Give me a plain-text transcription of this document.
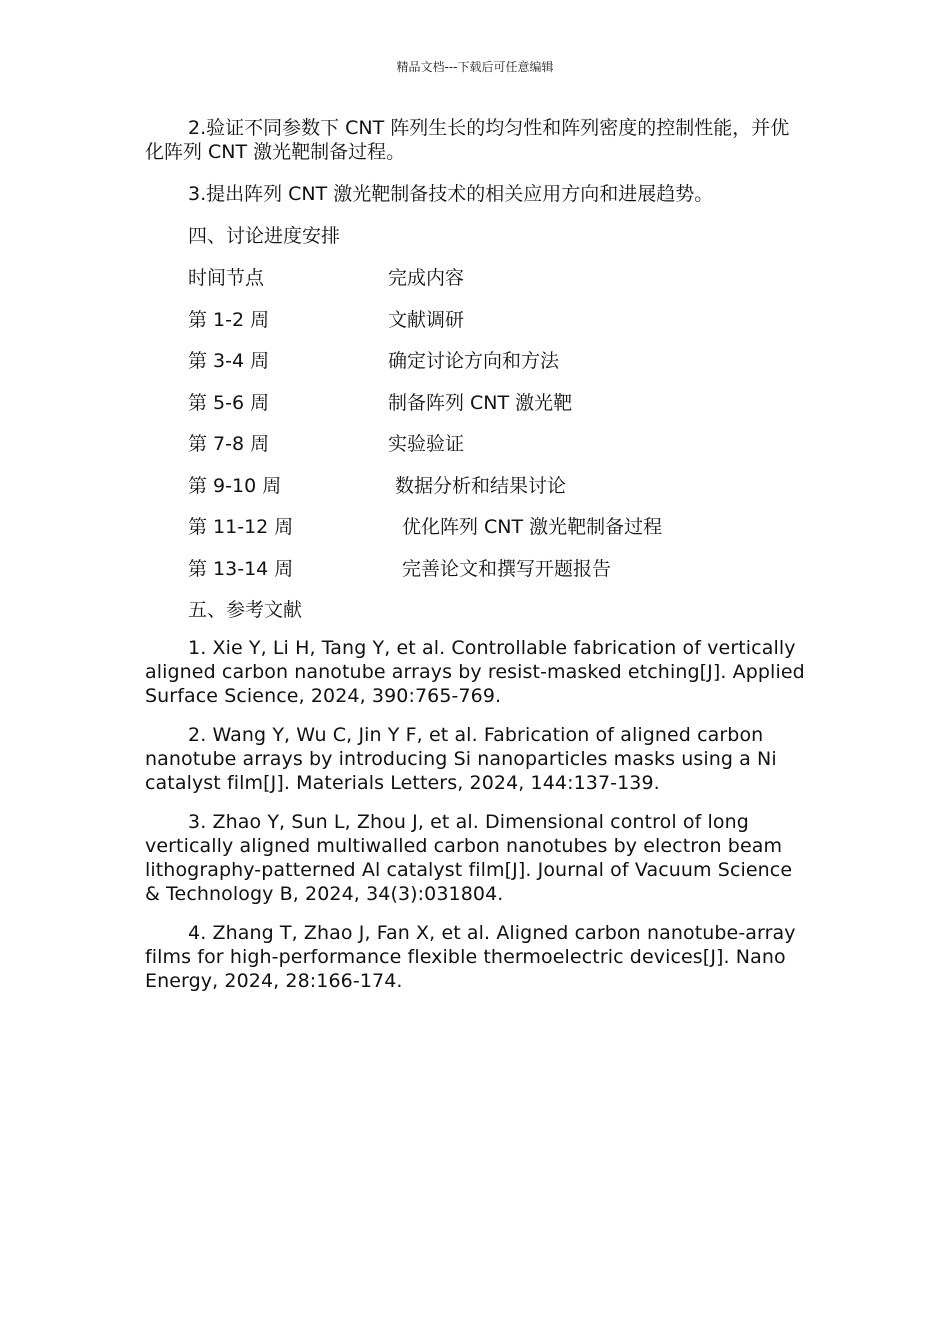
精品文档---下载后可任意编辑

2.验证不同参数下 CNT 阵列生长的均匀性和阵列密度的控制性能，并优化阵列 CNT 激光靶制备过程。

3.提出阵列 CNT 激光靶制备技术的相关应用方向和进展趋势。

四、讨论进度安排

时间节点	完成内容
第 1-2 周	文献调研
第 3-4 周	确定讨论方向和方法
第 5-6 周	制备阵列 CNT 激光靶
第 7-8 周	实验验证
第 9-10 周	数据分析和结果讨论
第 11-12 周	优化阵列 CNT 激光靶制备过程
第 13-14 周	完善论文和撰写开题报告

五、参考文献

1. Xie Y, Li H, Tang Y, et al. Controllable fabrication of vertically aligned carbon nanotube arrays by resist-masked etching[J]. Applied Surface Science, 2024, 390:765-769.

2. Wang Y, Wu C, Jin Y F, et al. Fabrication of aligned carbon nanotube arrays by introducing Si nanoparticles masks using a Ni catalyst film[J]. Materials Letters, 2024, 144:137-139.

3. Zhao Y, Sun L, Zhou J, et al. Dimensional control of long vertically aligned multiwalled carbon nanotubes by electron beam lithography-patterned Al catalyst film[J]. Journal of Vacuum Science & Technology B, 2024, 34(3):031804.

4. Zhang T, Zhao J, Fan X, et al. Aligned carbon nanotube-array films for high-performance flexible thermoelectric devices[J]. Nano Energy, 2024, 28:166-174.
